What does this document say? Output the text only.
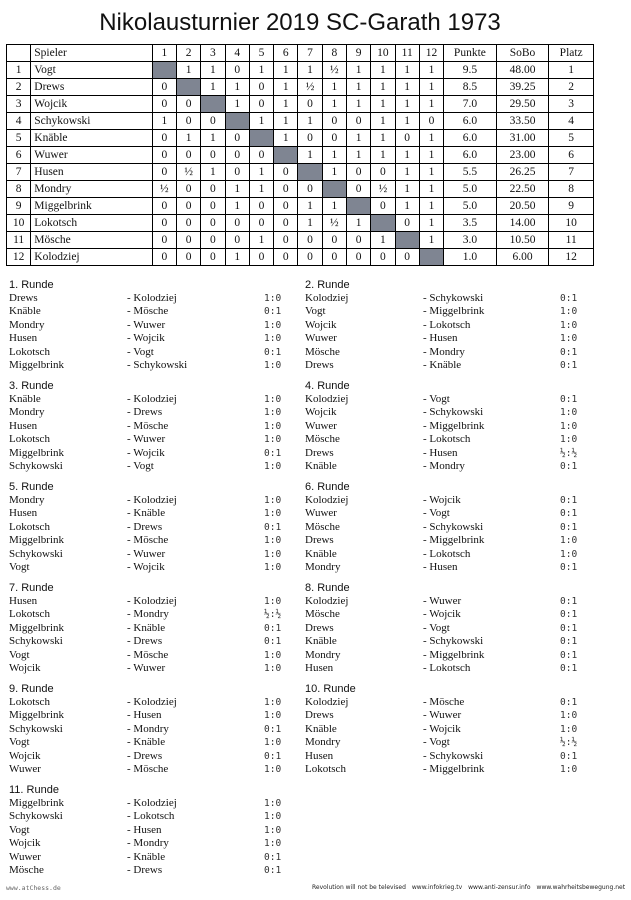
Nikolausturnier 2019 SC-Garath 1973
	Spieler	1	2	3	4	5	6	7	8	9	10	11	12	Punkte	SoBo	Platz
1	Vogt		1	1	0	1	1	1	½	1	1	1	1	9.5	48.00	1
2	Drews	0		1	1	0	1	½	1	1	1	1	1	8.5	39.25	2
3	Wojcik	0	0		1	0	1	0	1	1	1	1	1	7.0	29.50	3
4	Schykowski	1	0	0		1	1	1	0	0	1	1	0	6.0	33.50	4
5	Knäble	0	1	1	0		1	0	0	1	1	0	1	6.0	31.00	5
6	Wuwer	0	0	0	0	0		1	1	1	1	1	1	6.0	23.00	6
7	Husen	0	½	1	0	1	0		1	0	0	1	1	5.5	26.25	7
8	Mondry	½	0	0	1	1	0	0		0	½	1	1	5.0	22.50	8
9	Miggelbrink	0	0	0	1	0	0	1	1		0	1	1	5.0	20.50	9
10	Lokotsch	0	0	0	0	0	0	1	½	1		0	1	3.5	14.00	10
11	Mösche	0	0	0	0	1	0	0	0	0	1		1	3.0	10.50	11
12	Kolodziej	0	0	0	1	0	0	0	0	0	0	0		1.0	6.00	12
1. Runde
Drews	- Kolodziej	1:0
Knäble	- Mösche	0:1
Mondry	- Wuwer	1:0
Husen	- Wojcik	1:0
Lokotsch	- Vogt	0:1
Miggelbrink	- Schykowski	1:0
2. Runde
Kolodziej	- Schykowski	0:1
Vogt	- Miggelbrink	1:0
Wojcik	- Lokotsch	1:0
Wuwer	- Husen	1:0
Mösche	- Mondry	0:1
Drews	- Knäble	0:1
3. Runde
Knäble	- Kolodziej	1:0
Mondry	- Drews	1:0
Husen	- Mösche	1:0
Lokotsch	- Wuwer	1:0
Miggelbrink	- Wojcik	0:1
Schykowski	- Vogt	1:0
4. Runde
Kolodziej	- Vogt	0:1
Wojcik	- Schykowski	1:0
Wuwer	- Miggelbrink	1:0
Mösche	- Lokotsch	1:0
Drews	- Husen	½:½
Knäble	- Mondry	0:1
5. Runde
Mondry	- Kolodziej	1:0
Husen	- Knäble	1:0
Lokotsch	- Drews	0:1
Miggelbrink	- Mösche	1:0
Schykowski	- Wuwer	1:0
Vogt	- Wojcik	1:0
6. Runde
Kolodziej	- Wojcik	0:1
Wuwer	- Vogt	0:1
Mösche	- Schykowski	0:1
Drews	- Miggelbrink	1:0
Knäble	- Lokotsch	1:0
Mondry	- Husen	0:1
7. Runde
Husen	- Kolodziej	1:0
Lokotsch	- Mondry	½:½
Miggelbrink	- Knäble	0:1
Schykowski	- Drews	0:1
Vogt	- Mösche	1:0
Wojcik	- Wuwer	1:0
8. Runde
Kolodziej	- Wuwer	0:1
Mösche	- Wojcik	0:1
Drews	- Vogt	0:1
Knäble	- Schykowski	0:1
Mondry	- Miggelbrink	0:1
Husen	- Lokotsch	0:1
9. Runde
Lokotsch	- Kolodziej	1:0
Miggelbrink	- Husen	1:0
Schykowski	- Mondry	0:1
Vogt	- Knäble	1:0
Wojcik	- Drews	0:1
Wuwer	- Mösche	1:0
10. Runde
Kolodziej	- Mösche	0:1
Drews	- Wuwer	1:0
Knäble	- Wojcik	1:0
Mondry	- Vogt	½:½
Husen	- Schykowski	0:1
Lokotsch	- Miggelbrink	1:0
11. Runde
Miggelbrink	- Kolodziej	1:0
Schykowski	- Lokotsch	1:0
Vogt	- Husen	1:0
Wojcik	- Mondry	1:0
Wuwer	- Knäble	0:1
Mösche	- Drews	0:1
www.atChess.de	Revolution will not be televised www.infokrieg.tv www.anti-zensur.info www.wahrheitsbewegung.net
